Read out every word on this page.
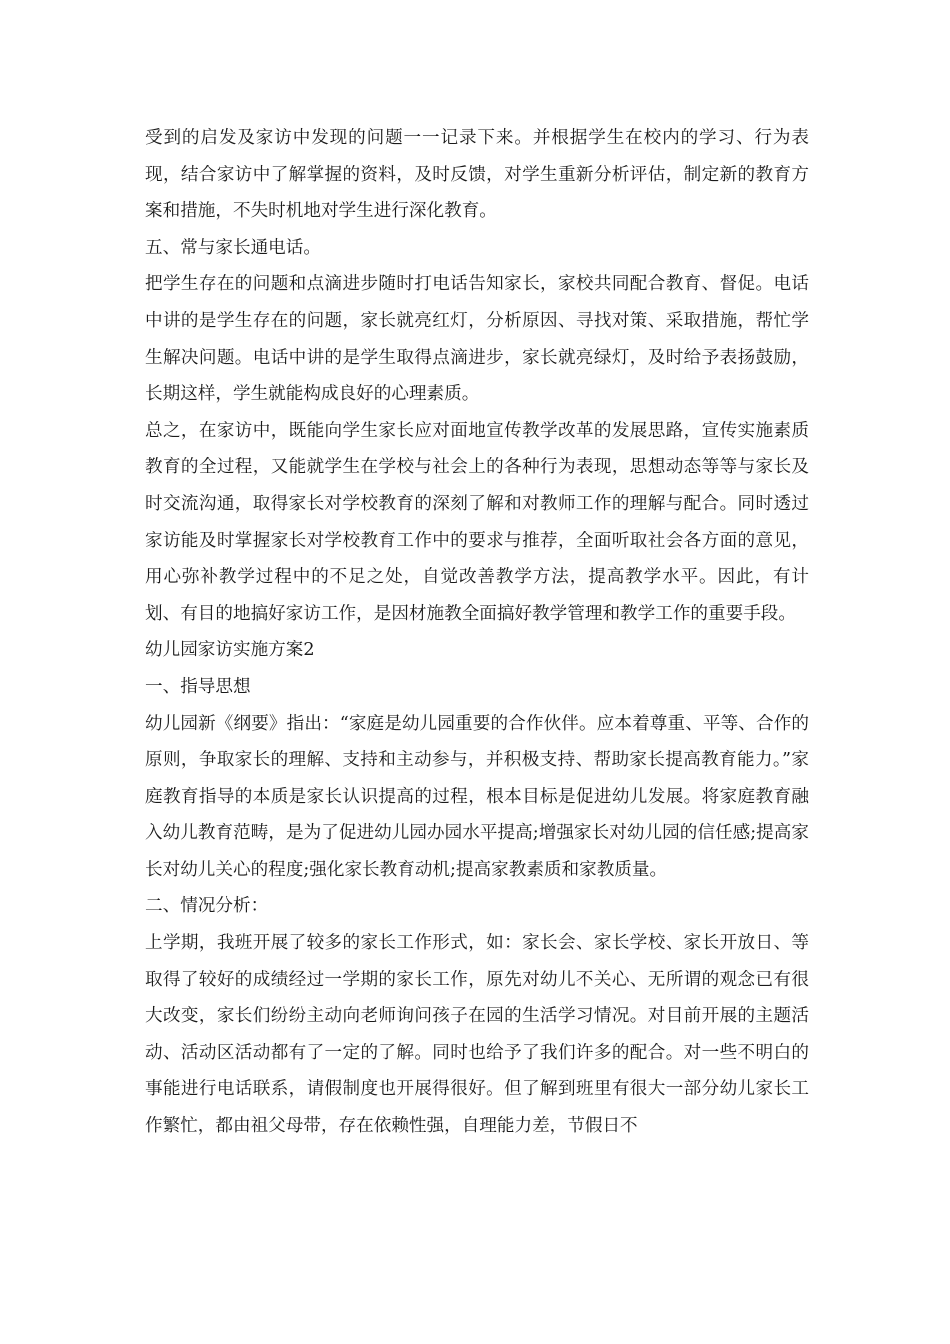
受到的启发及家访中发现的问题一一记录下来。并根据学生在校内的学习、行为表现，结合家访中了解掌握的资料，及时反馈，对学生重新分析评估，制定新的教育方案和措施，不失时机地对学生进行深化教育。

五、常与家长通电话。

把学生存在的问题和点滴进步随时打电话告知家长，家校共同配合教育、督促。电话中讲的是学生存在的问题，家长就亮红灯，分析原因、寻找对策、采取措施，帮忙学生解决问题。电话中讲的是学生取得点滴进步，家长就亮绿灯，及时给予表扬鼓励，长期这样，学生就能构成良好的心理素质。

总之，在家访中，既能向学生家长应对面地宣传教学改革的发展思路，宣传实施素质教育的全过程，又能就学生在学校与社会上的各种行为表现，思想动态等等与家长及时交流沟通，取得家长对学校教育的深刻了解和对教师工作的理解与配合。同时透过家访能及时掌握家长对学校教育工作中的要求与推荐，全面听取社会各方面的意见，用心弥补教学过程中的不足之处，自觉改善教学方法，提高教学水平。因此，有计划、有目的地搞好家访工作，是因材施教全面搞好教学管理和教学工作的重要手段。

幼儿园家访实施方案2

一、指导思想

幼儿园新《纲要》指出：“家庭是幼儿园重要的合作伙伴。应本着尊重、平等、合作的原则，争取家长的理解、支持和主动参与，并积极支持、帮助家长提高教育能力。”家庭教育指导的本质是家长认识提高的过程，根本目标是促进幼儿发展。将家庭教育融入幼儿教育范畴，是为了促进幼儿园办园水平提高;增强家长对幼儿园的信任感;提高家长对幼儿关心的程度;强化家长教育动机;提高家教素质和家教质量。

二、情况分析：

上学期，我班开展了较多的家长工作形式，如：家长会、家长学校、家长开放日、等取得了较好的成绩经过一学期的家长工作，原先对幼儿不关心、无所谓的观念已有很大改变，家长们纷纷主动向老师询问孩子在园的生活学习情况。对目前开展的主题活动、活动区活动都有了一定的了解。同时也给予了我们许多的配合。对一些不明白的事能进行电话联系，请假制度也开展得很好。但了解到班里有很大一部分幼儿家长工作繁忙，都由祖父母带，存在依赖性强，自理能力差，节假日不
